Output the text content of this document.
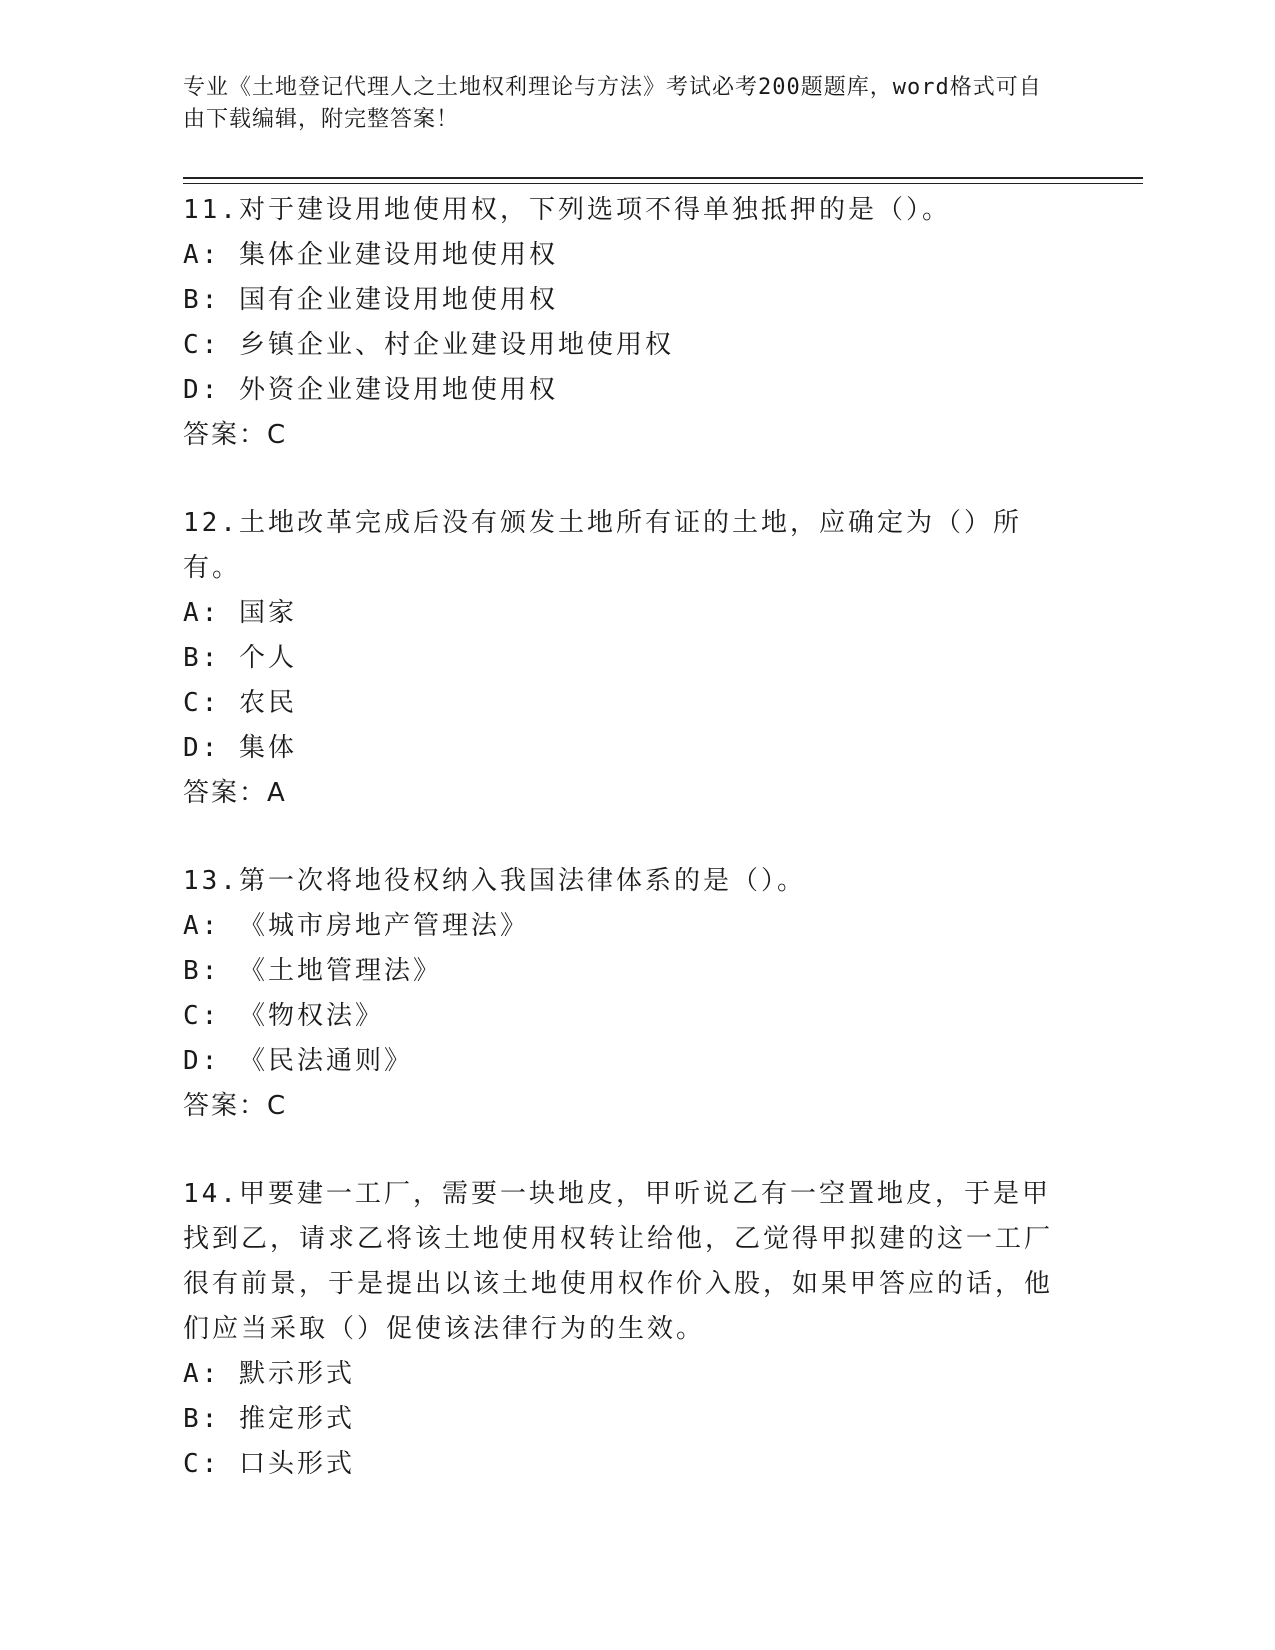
专业《土地登记代理人之土地权利理论与方法》考试必考200题题库，word格式可自由下载编辑，附完整答案！

11.对于建设用地使用权，下列选项不得单独抵押的是（）。

A: 集体企业建设用地使用权

B: 国有企业建设用地使用权

C: 乡镇企业、村企业建设用地使用权

D: 外资企业建设用地使用权

答案：C

12.土地改革完成后没有颁发土地所有证的土地，应确定为（）所有。

A: 国家

B: 个人

C: 农民

D: 集体

答案：A

13.第一次将地役权纳入我国法律体系的是（）。

A: 《城市房地产管理法》

B: 《土地管理法》

C: 《物权法》

D: 《民法通则》

答案：C

14.甲要建一工厂，需要一块地皮，甲听说乙有一空置地皮，于是甲找到乙，请求乙将该土地使用权转让给他，乙觉得甲拟建的这一工厂很有前景，于是提出以该土地使用权作价入股，如果甲答应的话，他们应当采取（）促使该法律行为的生效。

A: 默示形式

B: 推定形式

C: 口头形式
